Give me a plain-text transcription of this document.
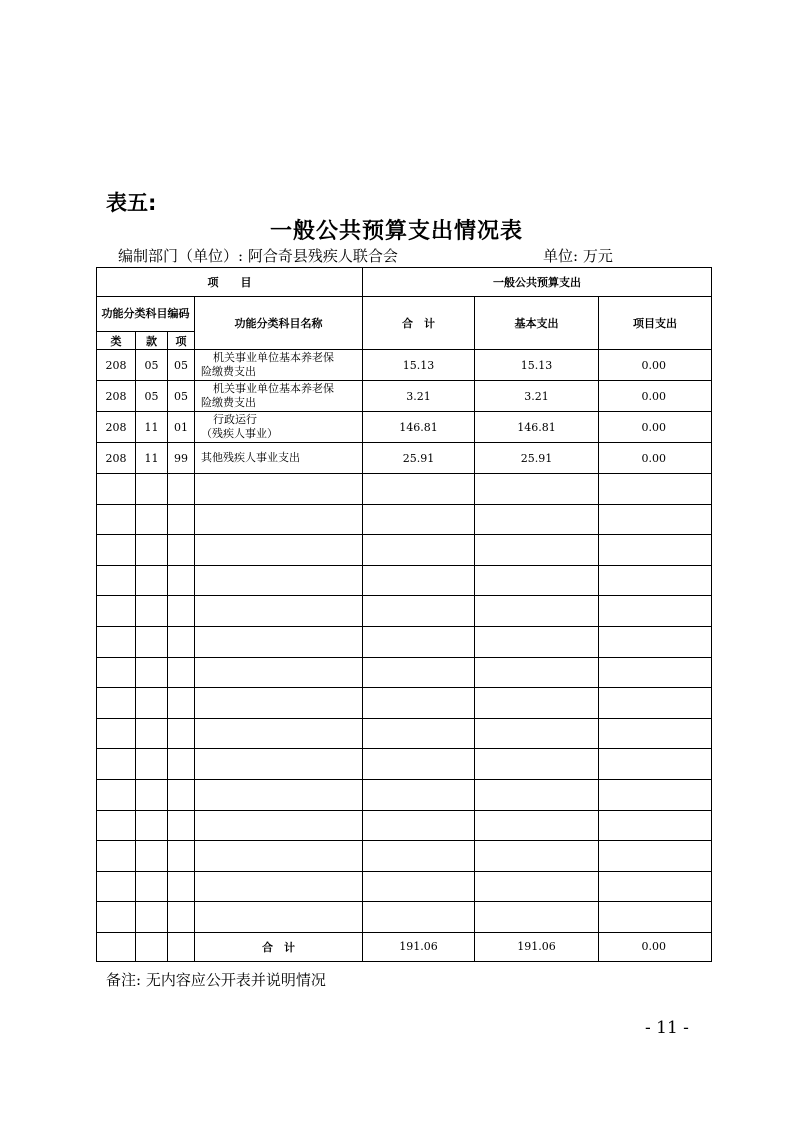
表五:
一般公共预算支出情况表
编制部门（单位）: 阿合奇县残疾人联合会	单位: 万元
项　　目				一般公共预算支出		
功能分类科目编码			功能分类科目名称	合　计	基本支出	项目支出
类	款	项				
208	05	05	机关事业单位基本养老保
险缴费支出	15.13	15.13	0.00
208	05	05	机关事业单位基本养老保
险缴费支出	3.21	3.21	0.00
208	11	01	行政运行
（残疾人事业）	146.81	146.81	0.00
208	11	99	其他残疾人事业支出	25.91	25.91	0.00

			合　计	191.06	191.06	0.00
备注: 无内容应公开表并说明情况
- 11 -
